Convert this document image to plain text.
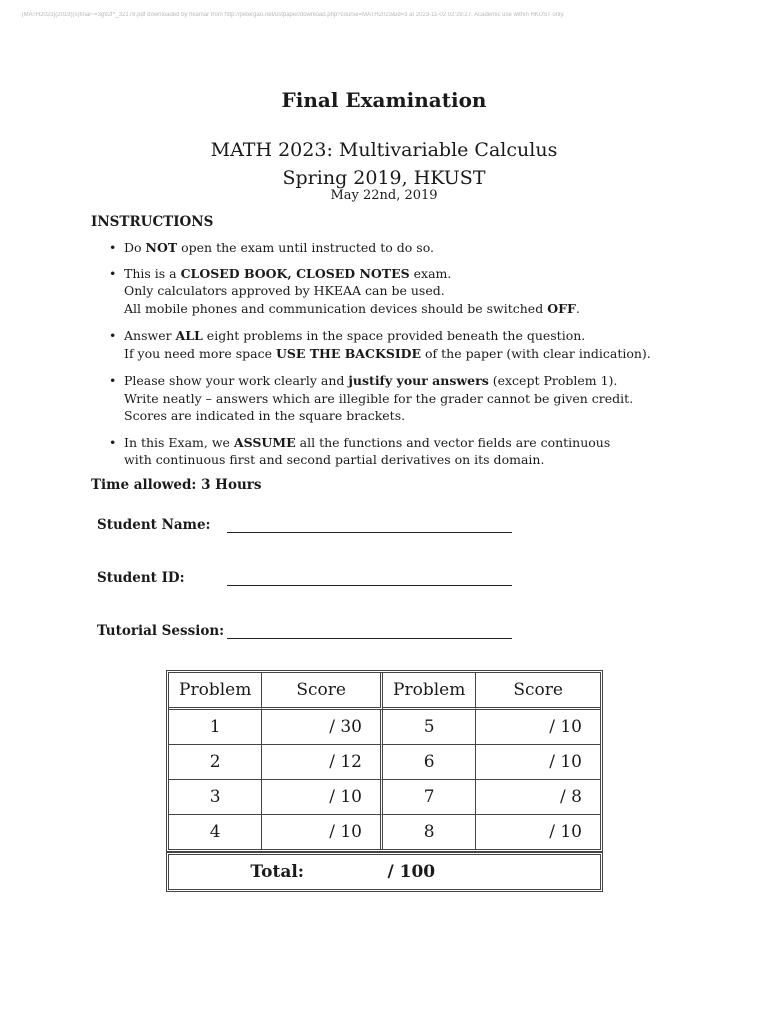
[MATH2023](2019)(s)final~=3g92f^_32178.pdf downloaded by hkamar from http://petergao.net/ustpaper/download.php?course=MATH2023&id=3 at 2023-11-02 02:29:27. Academic use within HKUST only.
Final Examination
MATH 2023: Multivariable Calculus
Spring 2019, HKUST
May 22nd, 2019
INSTRUCTIONS
• Do NOT open the exam until instructed to do so.
• This is a CLOSED BOOK, CLOSED NOTES exam.
Only calculators approved by HKEAA can be used.
All mobile phones and communication devices should be switched OFF.
• Answer ALL eight problems in the space provided beneath the question.
If you need more space USE THE BACKSIDE of the paper (with clear indication).
• Please show your work clearly and justify your answers (except Problem 1).
Write neatly – answers which are illegible for the grader cannot be given credit.
Scores are indicated in the square brackets.
• In this Exam, we ASSUME all the functions and vector fields are continuous
with continuous first and second partial derivatives on its domain.
Time allowed: 3 Hours
Student Name:
Student ID:
Tutorial Session:
Problem	Score	Problem	Score
1	/ 30	5	/ 10
2	/ 12	6	/ 10
3	/ 10	7	/ 8
4	/ 10	8	/ 10
Total:	/ 100
